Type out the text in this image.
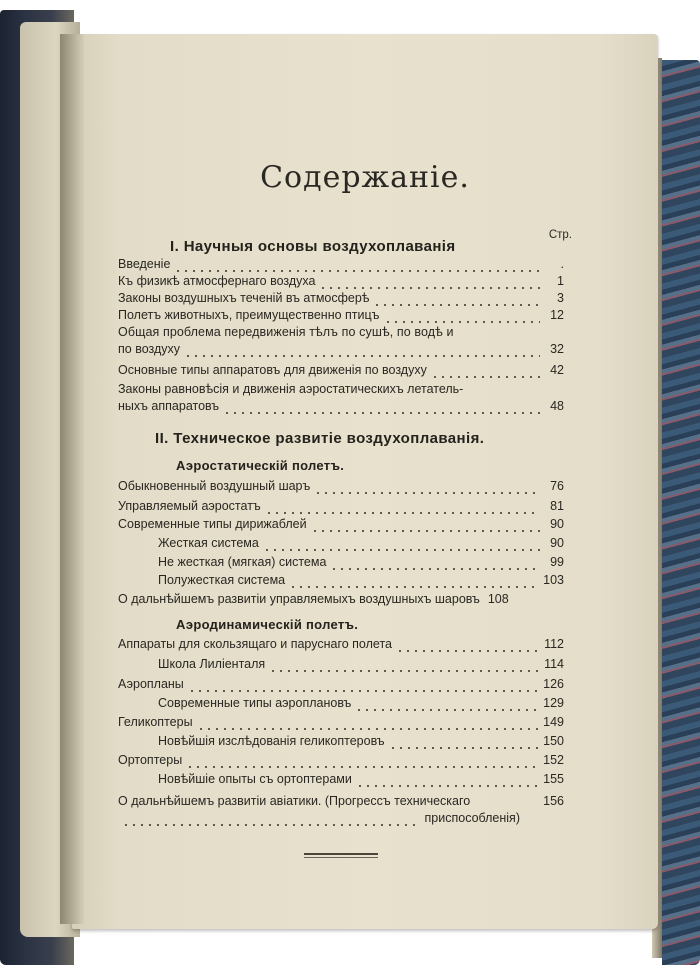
Содержаніе.
Стр.
I. Научныя основы воздухоплаванія
Введеніе	.
Къ физикѣ атмосфернаго воздуха	1
Законы воздушныхъ теченій въ атмосферѣ	3
Полетъ животныхъ, преимущественно птицъ	12
Общая проблема передвиженія тѣлъ по сушѣ, по водѣ и
по воздуху	32
Основные типы аппаратовъ для движенія по воздуху	42
Законы равновѣсія и движенія аэростатическихъ летатель-
ныхъ аппаратовъ	48
II. Техническое развитіе воздухоплаванія.
Аэростатическій полетъ.
Обыкновенный воздушный шаръ	76
Управляемый аэростатъ	81
Современные типы дирижаблей	90
Жесткая система	90
Не жесткая (мягкая) система	99
Полужесткая система	103
О дальнѣйшемъ развитіи управляемыхъ воздушныхъ шаровъ 108
Аэродинамическій полетъ.
Аппараты для скользящаго и паруснаго полета	112
Школа Лиліенталя	114
Аэропланы	126
Современные типы аэроплановъ	129
Геликоптеры	149
Новѣйшія изслѣдованія геликоптеровъ	150
Ортоптеры	152
Новѣйшіе опыты съ ортоптерами	155
О дальнѣйшемъ развитіи авіатики. (Прогрессъ техническаго	156
приспособленія)
